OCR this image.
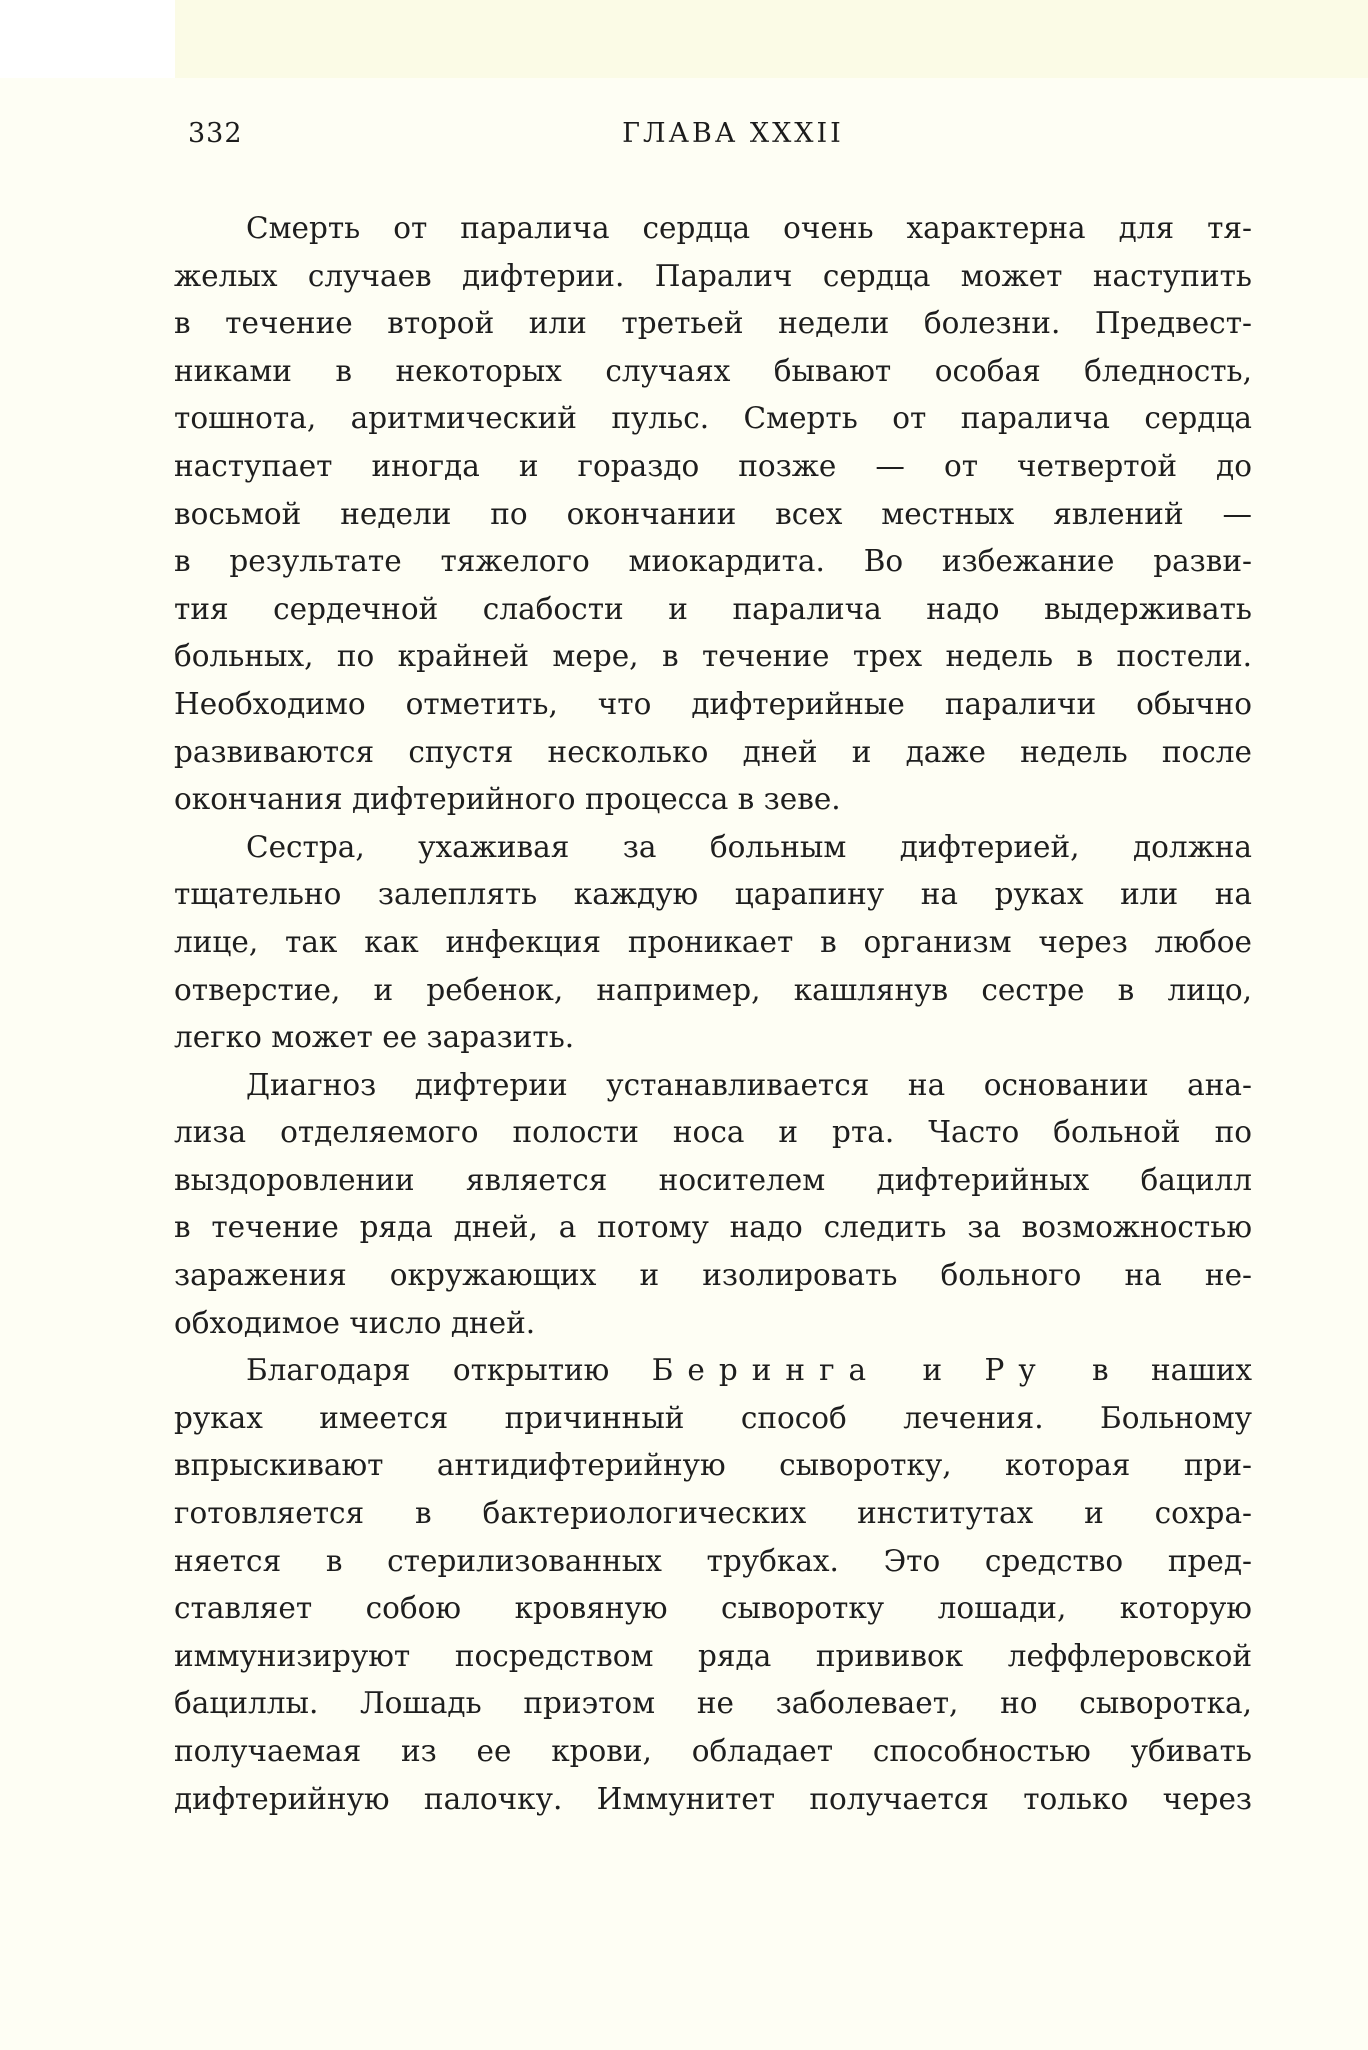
332	ГЛАВА XXXII
Смерть от паралича сердца очень характерна для тя-
желых случаев дифтерии. Паралич сердца может наступить
в течение второй или третьей недели болезни. Предвест-
никами в некоторых случаях бывают особая бледность,
тошнота, аритмический пульс. Смерть от паралича сердца
наступает иногда и гораздо позже — от четвертой до
восьмой недели по окончании всех местных явлений —
в результате тяжелого миокардита. Во избежание разви-
тия сердечной слабости и паралича надо выдерживать
больных, по крайней мере, в течение трех недель в постели.
Необходимо отметить, что дифтерийные параличи обычно
развиваются спустя несколько дней и даже недель после
окончания дифтерийного процесса в зеве.
Сестра, ухаживая за больным дифтерией, должна
тщательно залеплять каждую царапину на руках или на
лице, так как инфекция проникает в организм через любое
отверстие, и ребенок, например, кашлянув сестре в лицо,
легко может ее заразить.
Диагноз дифтерии устанавливается на основании ана-
лиза отделяемого полости носа и рта. Часто больной по
выздоровлении является носителем дифтерийных бацилл
в течение ряда дней, а потому надо следить за возможностью
заражения окружающих и изолировать больного на не-
обходимое число дней.
Благодаря открытию Беринга и Ру в наших
руках имеется причинный способ лечения. Больному
впрыскивают антидифтерийную сыворотку, которая при-
готовляется в бактериологических институтах и сохра-
няется в стерилизованных трубках. Это средство пред-
ставляет собою кровяную сыворотку лошади, которую
иммунизируют посредством ряда прививок леффлеровской
бациллы. Лошадь приэтом не заболевает, но сыворотка,
получаемая из ее крови, обладает способностью убивать
дифтерийную палочку. Иммунитет получается только через
